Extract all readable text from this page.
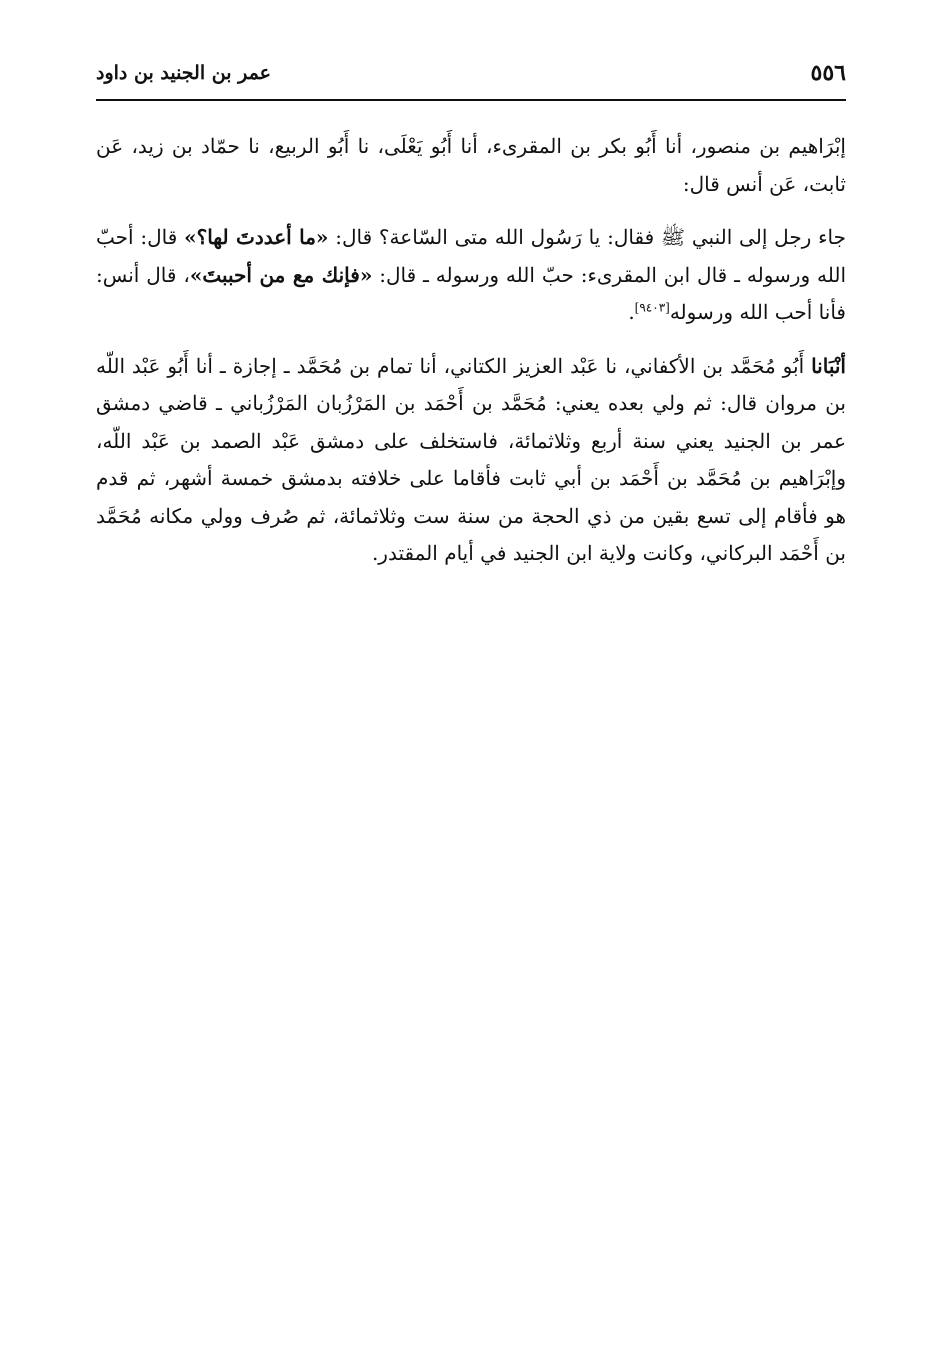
٥٥٦
عمر بن الجنيد بن داود

إبْرَاهيم بن منصور، أنا أَبُو بكر بن المقرىء، أنا أَبُو يَعْلَى، نا أَبُو الربيع، نا حمّاد بن زيد، عَن ثابت، عَن أنس قال:

جاء رجل إلى النبي ﷺ فقال: يا رَسُول الله متى السّاعة؟ قال: «ما أعددتَ لها؟» قال: أحبّ الله ورسوله ـ قال ابن المقرىء: حبّ الله ورسوله ـ قال: «فإنك مع من أحببتَ»، قال أنس: فأنا أحب الله ورسوله[٩٤٠٣].

أنْبَانا أَبُو مُحَمَّد بن الأكفاني، نا عَبْد العزيز الكتاني، أنا تمام بن مُحَمَّد ـ إجازة ـ أنا أَبُو عَبْد اللّه بن مروان قال: ثم ولي بعده يعني: مُحَمَّد بن أَحْمَد بن المَرْزُبان المَرْزُباني ـ قاضي دمشق عمر بن الجنيد يعني سنة أربع وثلاثمائة، فاستخلف على دمشق عَبْد الصمد بن عَبْد اللّه، وإبْرَاهيم بن مُحَمَّد بن أَحْمَد بن أبي ثابت فأقاما على خلافته بدمشق خمسة أشهر، ثم قدم هو فأقام إلى تسع بقين من ذي الحجة من سنة ست وثلاثمائة، ثم صُرف وولي مكانه مُحَمَّد بن أَحْمَد البركاني، وكانت ولاية ابن الجنيد في أيام المقتدر.
